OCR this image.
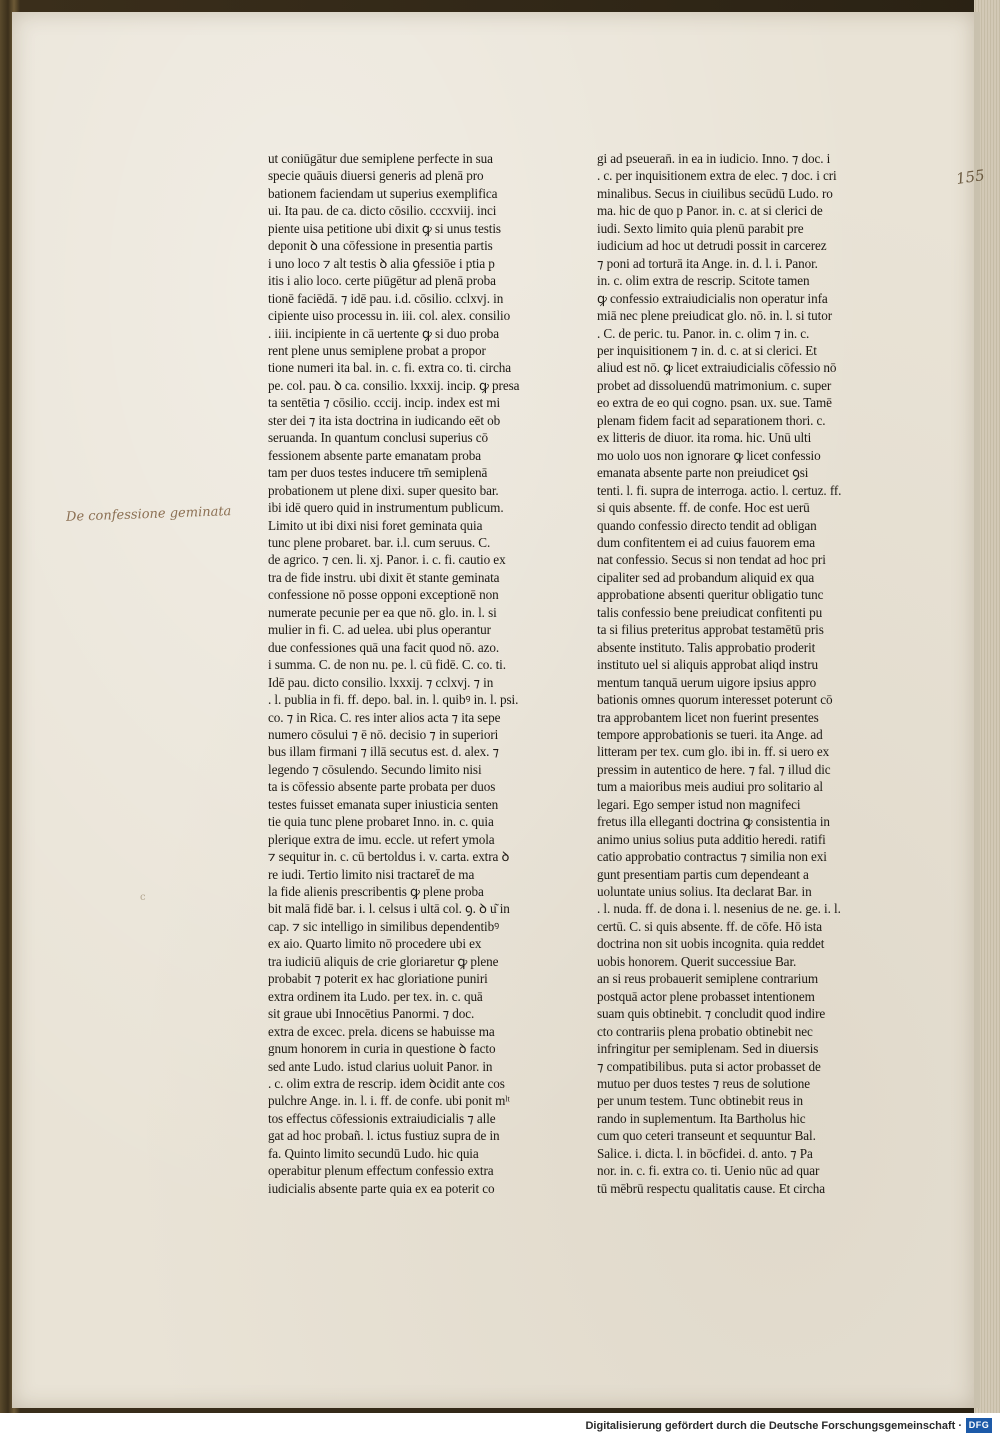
155
De confessione geminata
c
ut coniūgātur due semiplene perfecte in sua
specie quāuis diuersi generis ad plenā pro
bationem faciendam ut superius exemplifica
ui. Ita pau. de ca. dicto cōsilio. cccxviij. inci
piente uisa petitione ubi dixit ꝙ si unus testis
deponit ꝺ una cōfessione in presentia partis
i uno loco ⁊ alt testis ꝺ alia ꝯfessiōe i ptia p
itis i alio loco. certe piūgētur ad plenā proba
tionē faciēdā. ⁊ idē pau. i.d. cōsilio. cclxvj. in
cipiente uiso processu in. iii. col. alex. consilio
. iiii. incipiente in cā uertente ꝙ si duo proba
rent plene unus semiplene probat a propor
tione numeri ita bal. in. c. fi. extra co. ti. circha
pe. col. pau. ꝺ ca. consilio. lxxxij. incip. ꝙ presa
ta sentētia ⁊ cōsilio. cccij. incip. index est mi
ster dei ⁊ ita ista doctrina in iudicando eēt ob
seruanda. In quantum conclusi superius cō
fessionem absente parte emanatam proba
tam per duos testes inducere tm̄ semiplenā
probationem ut plene dixi. super quesito bar.
ibi idē quero quid in instrumentum publicum.
Limito ut ibi dixi nisi foret geminata quia
tunc plene probaret. bar. i.l. cum seruus. C.
de agrico. ⁊ cen. li. xj. Panor. i. c. fi. cautio ex
tra de fide instru. ubi dixit ēt stante geminata
confessione nō posse opponi exceptionē non
numerate pecunie per ea que nō. glo. in. l. si
mulier in fi. C. ad uelea. ubi plus operantur
due confessiones quā una facit quod nō. azo.
i summa. C. de non nu. pe. l. cū fidē. C. co. ti.
Idē pau. dicto consilio. lxxxij. ⁊ cclxvj. ⁊ in
. l. publia in fi. ff. depo. bal. in. l. quibꝰ in. l. psi.
co. ⁊ in Rica. C. res inter alios acta ⁊ ita sepe
numero cōsului ⁊ ē nō. decisio ⁊ in superiori
bus illam firmani ⁊ illā secutus est. d. alex. ⁊
legendo ⁊ cōsulendo. Secundo limito nisi
ta is cōfessio absente parte probata per duos
testes fuisset emanata super iniusticia senten
tie quia tunc plene probaret Inno. in. c. quia
plerique extra de imu. eccle. ut refert ymola
⁊ sequitur in. c. cū bertoldus i. v. carta. extra ꝺ
re iudi. Tertio limito nisi tractaret̄ de ma
la fide alienis prescribentis ꝙ plene proba
bit malā fidē bar. i. l. celsus i ultā col. ꝯ. ꝺ u͂ in
cap. ⁊ sic intelligo in similibus dependentibꝰ
ex aio. Quarto limito nō procedere ubi ex
tra iudiciū aliquis de crie gloriaretur ꝙ plene
probabit ⁊ poterit ex hac gloriatione puniri
extra ordinem ita Ludo. per tex. in. c. quā
sit graue ubi Innocētius Panormi. ⁊ doc.
extra de excec. prela. dicens se habuisse ma
gnum honorem in curia in questione ꝺ facto
sed ante Ludo. istud clarius uoluit Panor. in
. c. olim extra de rescrip. idem ꝺcidit ante cos
pulchre Ange. in. l. i. ff. de confe. ubi ponit mˡᵗ
tos effectus cōfessionis extraiudicialis ⁊ alle
gat ad hoc probañ. l. ictus fustiuz supra de in
fa. Quinto limito secundū Ludo. hic quia
operabitur plenum effectum confessio extra
iudicialis absente parte quia ex ea poterit co
gi ad pseueran̄. in ea in iudicio. Inno. ⁊ doc. i
. c. per inquisitionem extra de elec. ⁊ doc. i cri
minalibus. Secus in ciuilibus secūdū Ludo. ro
ma. hic de quo p Panor. in. c. at si clerici de
iudi. Sexto limito quia plenū parabit pre
iudicium ad hoc ut detrudi possit in carcerez
⁊ poni ad torturā ita Ange. in. d. l. i. Panor.
in. c. olim extra de rescrip. Scitote tamen
ꝙ confessio extraiudicialis non operatur infa
miā nec plene preiudicat glo. nō. in. l. si tutor
. C. de peric. tu. Panor. in. c. olim ⁊ in. c.
per inquisitionem ⁊ in. d. c. at si clerici. Et
aliud est nō. ꝙ licet extraiudicialis cōfessio nō
probet ad dissoluendū matrimonium. c. super
eo extra de eo qui cogno. psan. ux. sue. Tamē
plenam fidem facit ad separationem thori. c.
ex litteris de diuor. ita roma. hic. Unū ulti
mo uolo uos non ignorare ꝙ licet confessio
emanata absente parte non preiudicet ꝯsi
tenti. l. fi. supra de interroga. actio. l. certuz. ff.
si quis absente. ff. de confe. Hoc est uerū
quando confessio directo tendit ad obligan
dum confitentem ei ad cuius fauorem ema
nat confessio. Secus si non tendat ad hoc pri
cipaliter sed ad probandum aliquid ex qua
approbatione absenti queritur obligatio tunc
talis confessio bene preiudicat confitenti pu
ta si filius preteritus approbat testamētū pris
absente instituto. Talis approbatio proderit
instituto uel si aliquis approbat aliqd instru
mentum tanquā uerum uigore ipsius appro
bationis omnes quorum interesset poterunt cō
tra approbantem licet non fuerint presentes
tempore approbationis se tueri. ita Ange. ad
litteram per tex. cum glo. ibi in. ff. si uero ex
pressim in autentico de here. ⁊ fal. ⁊ illud dic
tum a maioribus meis audiui pro solitario al
legari. Ego semper istud non magnifeci
fretus illa elleganti doctrina ꝙ consistentia in
animo unius solius puta additio heredi. ratifi
catio approbatio contractus ⁊ similia non exi
gunt presentiam partis cum dependeant a
uoluntate unius solius. Ita declarat Bar. in
. l. nuda. ff. de dona i. l. nesenius de ne. ge. i. l.
certū. C. si quis absente. ff. de cōfe. Hō ista
doctrina non sit uobis incognita. quia reddet
uobis honorem. Querit successiue Bar.
an si reus probauerit semiplene contrarium
postquā actor plene probasset intentionem
suam quis obtinebit. ⁊ concludit quod indire
cto contrariis plena probatio obtinebit nec
infringitur per semiplenam. Sed in diuersis
⁊ compatibilibus. puta si actor probasset de
mutuo per duos testes ⁊ reus de solutione
per unum testem. Tunc obtinebit reus in
rando in suplementum. Ita Bartholus hic
cum quo ceteri transeunt et sequuntur Bal.
Salice. i. dicta. l. in bōcfidei. d. anto. ⁊ Pa
nor. in. c. fi. extra co. ti. Uenio nūc ad quar
tū mēbrū respectu qualitatis cause. Et circha
Digitalisierung gefördert durch die Deutsche Forschungsgemeinschaft · DFG
